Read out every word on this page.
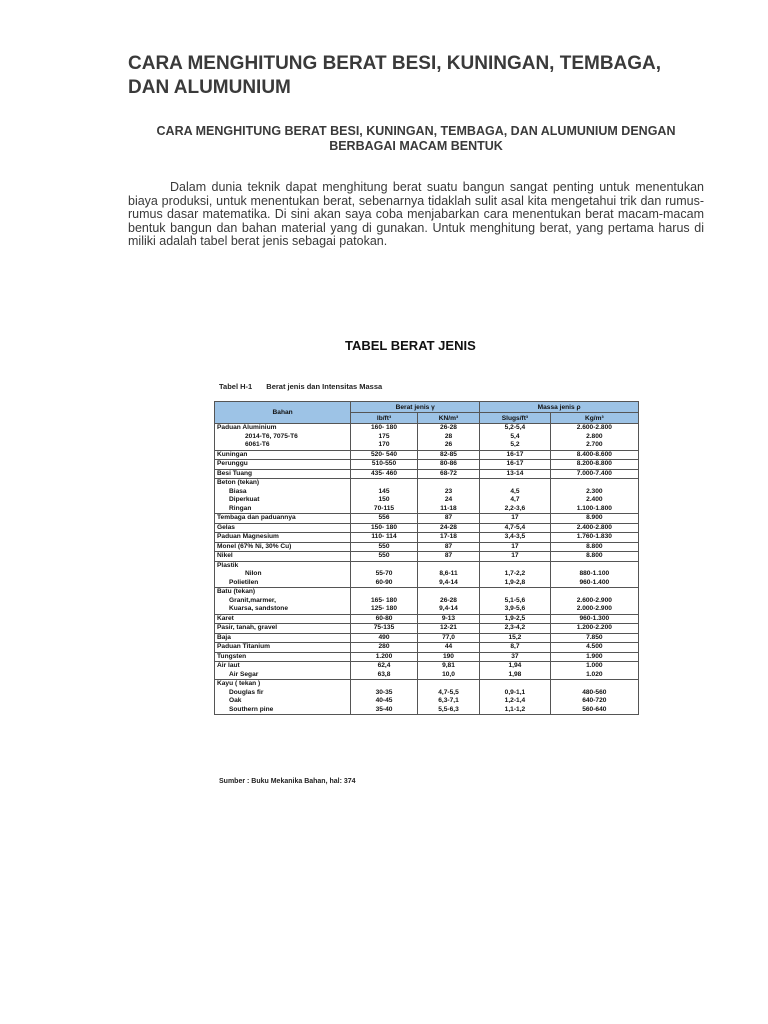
CARA MENGHITUNG BERAT BESI, KUNINGAN, TEMBAGA, DAN ALUMUNIUM
CARA MENGHITUNG BERAT BESI, KUNINGAN, TEMBAGA, DAN ALUMUNIUM DENGAN BERBAGAI MACAM BENTUK

Dalam dunia teknik dapat menghitung berat suatu bangun sangat penting untuk menentukan biaya produksi, untuk menentukan berat, sebenarnya tidaklah sulit asal kita mengetahui trik dan rumus-rumus dasar matematika. Di sini akan saya coba menjabarkan cara menentukan berat macam-macam bentuk bangun dan bahan material yang di gunakan. Untuk menghitung berat, yang pertama harus di miliki adalah tabel berat jenis sebagai patokan.

TABEL BERAT JENIS
Tabel H-1 Berat jenis dan Intensitas Massa
Bahan	Berat jenis γ		Massa jenis ρ	
	lb/ft³	KN/m³	Slugs/ft³	Kg/m³
Paduan Aluminium	160- 180	26-28	5,2-5,4	2.600-2.800
2014-T6, 7075-T6	175	28	5,4	2.800
6061-T6	170	26	5,2	2.700
Kuningan	520- 540	82-85	16-17	8.400-8.600
Perunggu	510-550	80-86	16-17	8.200-8.800
Besi Tuang	435- 460	68-72	13-14	7.000-7.400
Beton (tekan)				
Biasa	145	23	4,5	2.300
Diperkuat	150	24	4,7	2.400
Ringan	70-115	11-18	2,2-3,6	1.100-1.800
Tembaga dan paduannya	556	87	17	8.900
Gelas	150- 180	24-28	4,7-5,4	2.400-2.800
Paduan Magnesium	110- 114	17-18	3,4-3,5	1.760-1.830
Monel (67% Ni, 30% Cu)	550	87	17	8.800
Nikel	550	87	17	8.800
Plastik				
Nilon	55-70	8,6-11	1,7-2,2	880-1.100
Polietilen	60-90	9,4-14	1,9-2,8	960-1.400
Batu (tekan)				
Granit,marmer,	165- 180	26-28	5,1-5,6	2.600-2.900
Kuarsa, sandstone	125- 180	9,4-14	3,9-5,6	2.000-2.900
Karet	60-80	9-13	1,9-2,5	960-1.300
Pasir, tanah, gravel	75-135	12-21	2,3-4,2	1.200-2.200
Baja	490	77,0	15,2	7.850
Paduan Titanium	280	44	8,7	4.500
Tungsten	1.200	190	37	1.900
Air laut	62,4	9,81	1,94	1.000
Air Segar	63,8	10,0	1,98	1.020
Kayu ( tekan )				
Douglas fir	30-35	4,7-5,5	0,9-1,1	480-560
Oak	40-45	6,3-7,1	1,2-1,4	640-720
Southern pine	35-40	5,5-6,3	1,1-1,2	560-640
Sumber : Buku Mekanika Bahan, hal: 374
